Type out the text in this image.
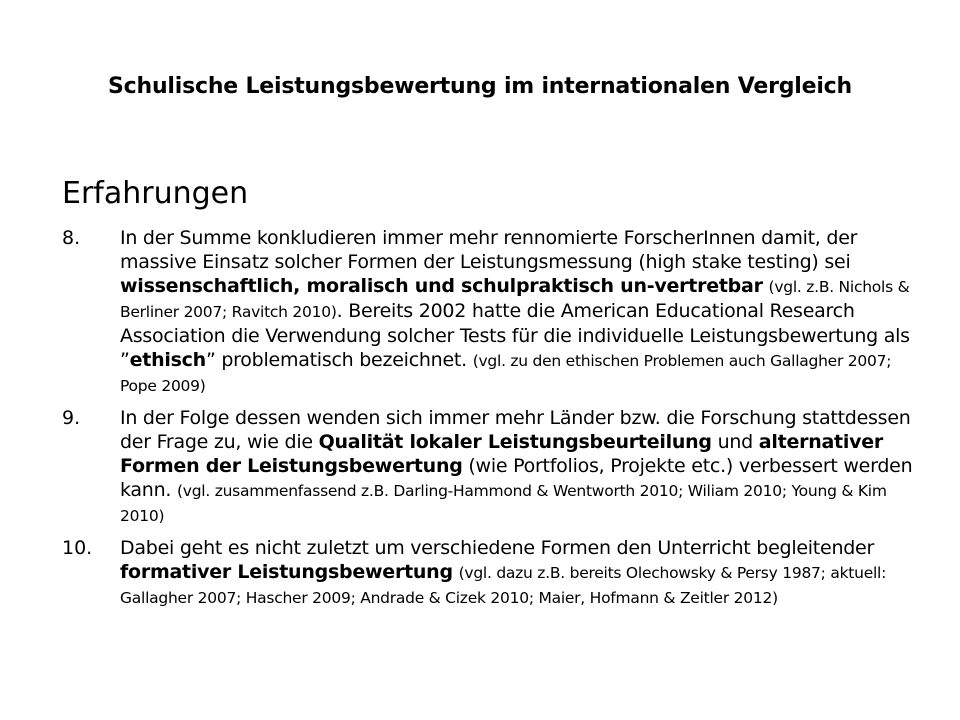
Schulische Leistungsbewertung im internationalen Vergleich
Erfahrungen
8.	In der Summe konkludieren immer mehr rennomierte ForscherInnen damit, der massive Einsatz solcher Formen der Leistungsmessung (high stake testing) sei wissenschaftlich, moralisch und schulpraktisch un-vertretbar (vgl. z.B. Nichols & Berliner 2007; Ravitch 2010). Bereits 2002 hatte die American Educational Research Association die Verwendung solcher Tests für die individuelle Leistungsbewertung als ”ethisch” problematisch bezeichnet. (vgl. zu den ethischen Problemen auch Gallagher 2007; Pope 2009)
9.	In der Folge dessen wenden sich immer mehr Länder bzw. die Forschung stattdessen der Frage zu, wie die Qualität lokaler Leistungsbeurteilung und alternativer Formen der Leistungsbewertung (wie Portfolios, Projekte etc.) verbessert werden kann. (vgl. zusammenfassend z.B. Darling-Hammond & Wentworth 2010; Wiliam 2010; Young & Kim 2010)
10.	Dabei geht es nicht zuletzt um verschiedene Formen den Unterricht begleitender formativer Leistungsbewertung (vgl. dazu z.B. bereits Olechowsky & Persy 1987; aktuell: Gallagher 2007; Hascher 2009; Andrade & Cizek 2010; Maier, Hofmann & Zeitler 2012)
